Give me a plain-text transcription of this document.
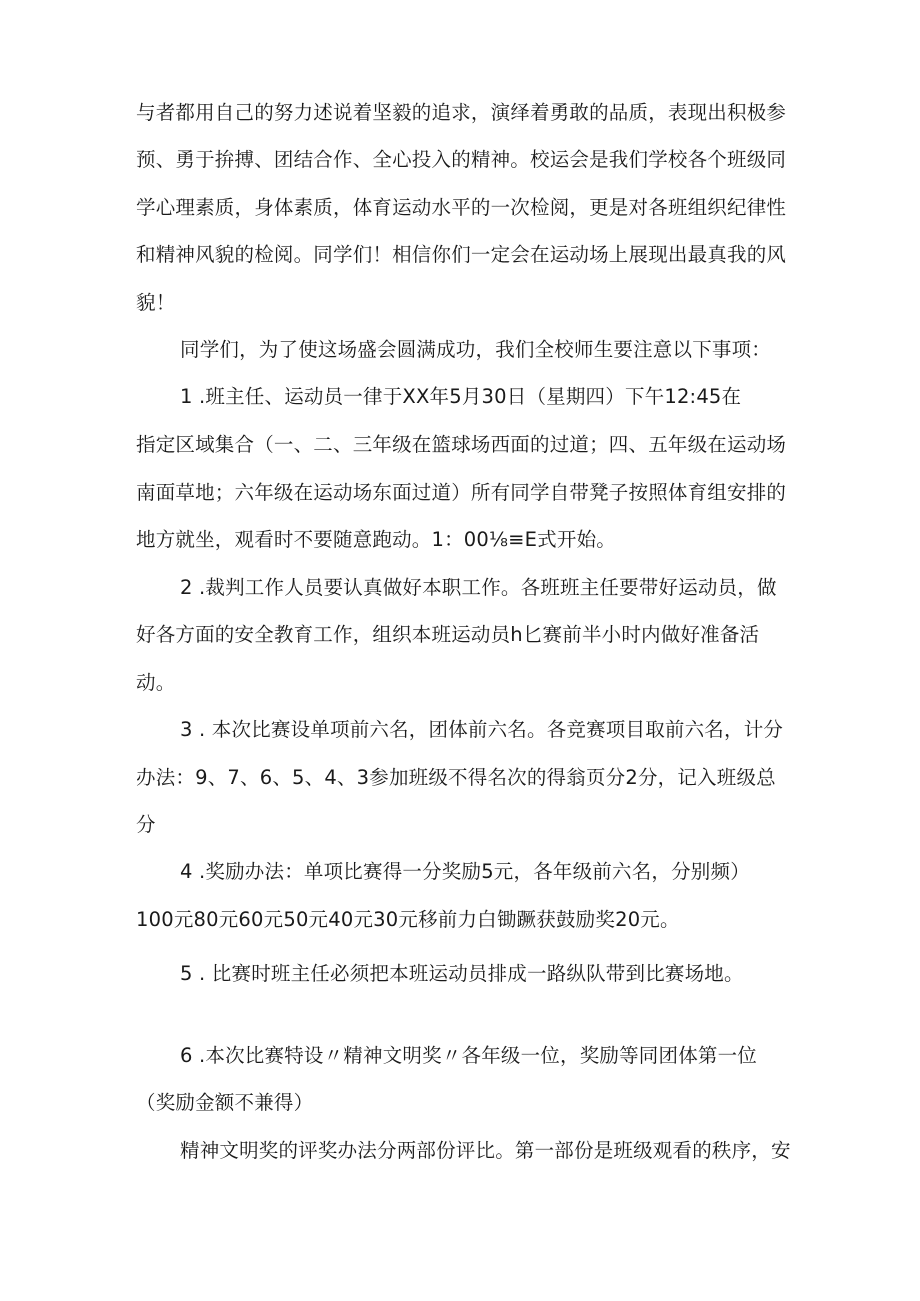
与者都用自己的努力述说着坚毅的追求，演绎着勇敢的品质，表现出积极参

预、勇于拚搏、团结合作、全心投入的精神。校运会是我们学校各个班级同

学心理素质，身体素质，体育运动水平的一次检阅，更是对各班组织纪律性

和精神风貌的检阅。同学们！相信你们一定会在运动场上展现出最真我的风

貌！

同学们，为了使这场盛会圆满成功，我们全校师生要注意以下事项：

1 .班主任、运动员一律于XX年5月30日（星期四）下午12:45在

指定区域集合（一、二、三年级在篮球场西面的过道；四、五年级在运动场

南面草地；六年级在运动场东面过道）所有同学自带凳子按照体育组安排的

地方就坐，观看时不要随意跑动。1：00⅛≡E式开始。

2 .裁判工作人员要认真做好本职工作。各班班主任要带好运动员，做

好各方面的安全教育工作，组织本班运动员h匕赛前半小时内做好准备活

动。

3 . 本次比赛设单项前六名，团体前六名。各竞赛项目取前六名，计分

办法：9、7、6、5、4、3参加班级不得名次的得翁页分2分，记入班级总

分

4 .奖励办法：单项比赛得一分奖励5元，各年级前六名，分别频）

100元80元60元50元40元30元移前力白锄蹶获鼓励奖20元。

5 . 比赛时班主任必须把本班运动员排成一路纵队带到比赛场地。

6 .本次比赛特设〃精神文明奖〃各年级一位，奖励等同团体第一位

（奖励金额不兼得）

精神文明奖的评奖办法分两部份评比。第一部份是班级观看的秩序，安
